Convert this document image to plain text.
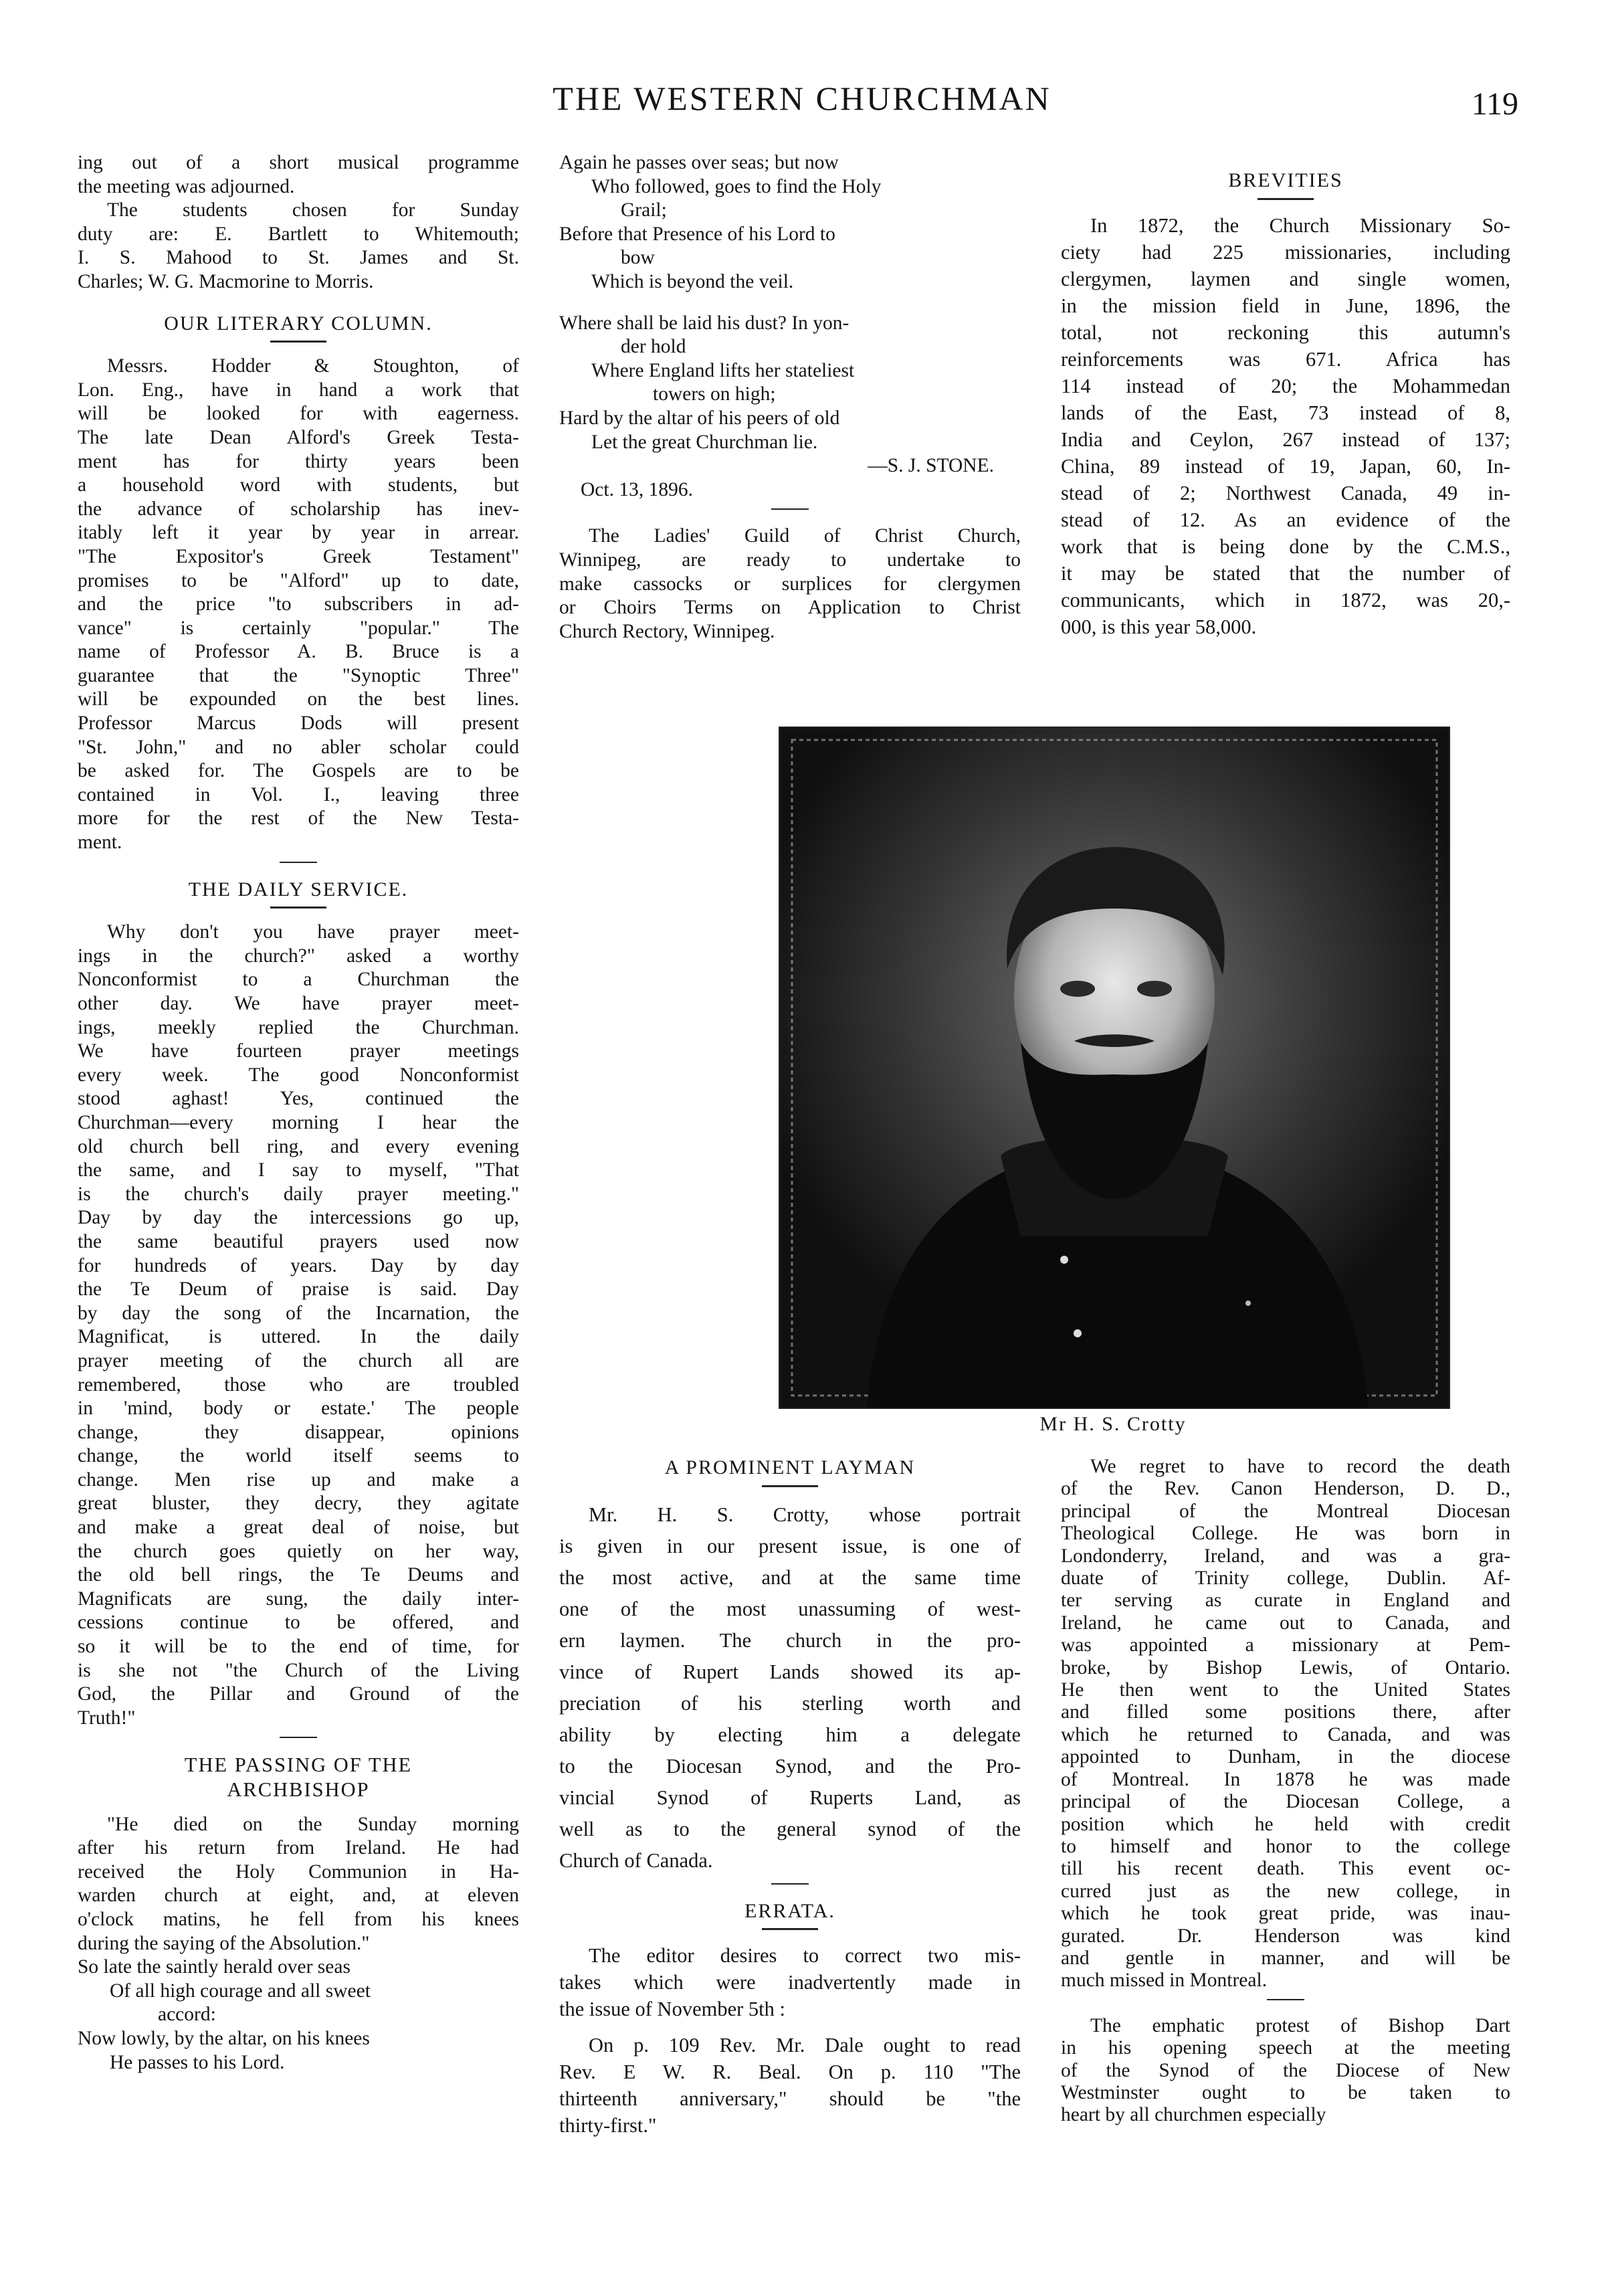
THE WESTERN CHURCHMAN	119
ing out of a short musical programme
the meeting was adjourned.
The students chosen for Sunday
duty are: E. Bartlett to Whitemouth;
I. S. Mahood to St. James and St.
Charles; W. G. Macmorine to Morris.
OUR LITERARY COLUMN.
Messrs. Hodder & Stoughton, of
Lon. Eng., have in hand a work that
will be looked for with eagerness.
The late Dean Alford's Greek Testa-
ment has for thirty years been
a household word with students, but
the advance of scholarship has inev-
itably left it year by year in arrear.
"The Expositor's Greek Testament"
promises to be "Alford" up to date,
and the price "to subscribers in ad-
vance" is certainly "popular." The
name of Professor A. B. Bruce is a
guarantee that the "Synoptic Three"
will be expounded on the best lines.
Professor Marcus Dods will present
"St. John," and no abler scholar could
be asked for. The Gospels are to be
contained in Vol. I., leaving three
more for the rest of the New Testa-
ment.
THE DAILY SERVICE.
Why don't you have prayer meet-
ings in the church?" asked a worthy
Nonconformist to a Churchman the
other day. We have prayer meet-
ings, meekly replied the Churchman.
We have fourteen prayer meetings
every week. The good Nonconformist
stood aghast! Yes, continued the
Churchman—every morning I hear the
old church bell ring, and every evening
the same, and I say to myself, "That
is the church's daily prayer meeting."
Day by day the intercessions go up,
the same beautiful prayers used now
for hundreds of years. Day by day
the Te Deum of praise is said. Day
by day the song of the Incarnation, the
Magnificat, is uttered. In the daily
prayer meeting of the church all are
remembered, those who are troubled
in 'mind, body or estate.' The people
change, they disappear, opinions
change, the world itself seems to
change. Men rise up and make a
great bluster, they decry, they agitate
and make a great deal of noise, but
the church goes quietly on her way,
the old bell rings, the Te Deums and
Magnificats are sung, the daily inter-
cessions continue to be offered, and
so it will be to the end of time, for
is she not "the Church of the Living
God, the Pillar and Ground of the
Truth!"
THE PASSING OF THE
ARCHBISHOP
"He died on the Sunday morning
after his return from Ireland. He had
received the Holy Communion in Ha-
warden church at eight, and, at eleven
o'clock matins, he fell from his knees
during the saying of the Absolution."
So late the saintly herald over seas
Of all high courage and all sweet
accord:
Now lowly, by the altar, on his knees
He passes to his Lord.
Again he passes over seas; but now
Who followed, goes to find the Holy
Grail;
Before that Presence of his Lord to
bow
Which is beyond the veil.
Where shall be laid his dust? In yon-
der hold
Where England lifts her stateliest
towers on high;
Hard by the altar of his peers of old
Let the great Churchman lie.
—S. J. STONE.
Oct. 13, 1896.
The Ladies' Guild of Christ Church,
Winnipeg, are ready to undertake to
make cassocks or surplices for clergymen
or Choirs Terms on Application to Christ
Church Rectory, Winnipeg.
A PROMINENT LAYMAN
Mr. H. S. Crotty, whose portrait
is given in our present issue, is one of
the most active, and at the same time
one of the most unassuming of west-
ern laymen. The church in the pro-
vince of Rupert Lands showed its ap-
preciation of his sterling worth and
ability by electing him a delegate
to the Diocesan Synod, and the Pro-
vincial Synod of Ruperts Land, as
well as to the general synod of the
Church of Canada.
ERRATA.
The editor desires to correct two mis-
takes which were inadvertently made in
the issue of November 5th :
On p. 109 Rev. Mr. Dale ought to read
Rev. E W. R. Beal. On p. 110 "The
thirteenth anniversary," should be "the
thirty-first."
BREVITIES
In 1872, the Church Missionary So-
ciety had 225 missionaries, including
clergymen, laymen and single women,
in the mission field in June, 1896, the
total, not reckoning this autumn's
reinforcements was 671. Africa has
114 instead of 20; the Mohammedan
lands of the East, 73 instead of 8,
India and Ceylon, 267 instead of 137;
China, 89 instead of 19, Japan, 60, In-
stead of 2; Northwest Canada, 49 in-
stead of 12. As an evidence of the
work that is being done by the C.M.S.,
it may be stated that the number of
communicants, which in 1872, was 20,-
000, is this year 58,000.
We regret to have to record the death
of the Rev. Canon Henderson, D. D.,
principal of the Montreal Diocesan
Theological College. He was born in
Londonderry, Ireland, and was a gra-
duate of Trinity college, Dublin. Af-
ter serving as curate in England and
Ireland, he came out to Canada, and
was appointed a missionary at Pem-
broke, by Bishop Lewis, of Ontario.
He then went to the United States
and filled some positions there, after
which he returned to Canada, and was
appointed to Dunham, in the diocese
of Montreal. In 1878 he was made
principal of the Diocesan College, a
position which he held with credit
to himself and honor to the college
till his recent death. This event oc-
curred just as the new college, in
which he took great pride, was inau-
gurated. Dr. Henderson was kind
and gentle in manner, and will be
much missed in Montreal.
The emphatic protest of Bishop Dart
in his opening speech at the meeting
of the Synod of the Diocese of New
Westminster ought to be taken to
heart by all churchmen especially
Mr H. S. Crotty
